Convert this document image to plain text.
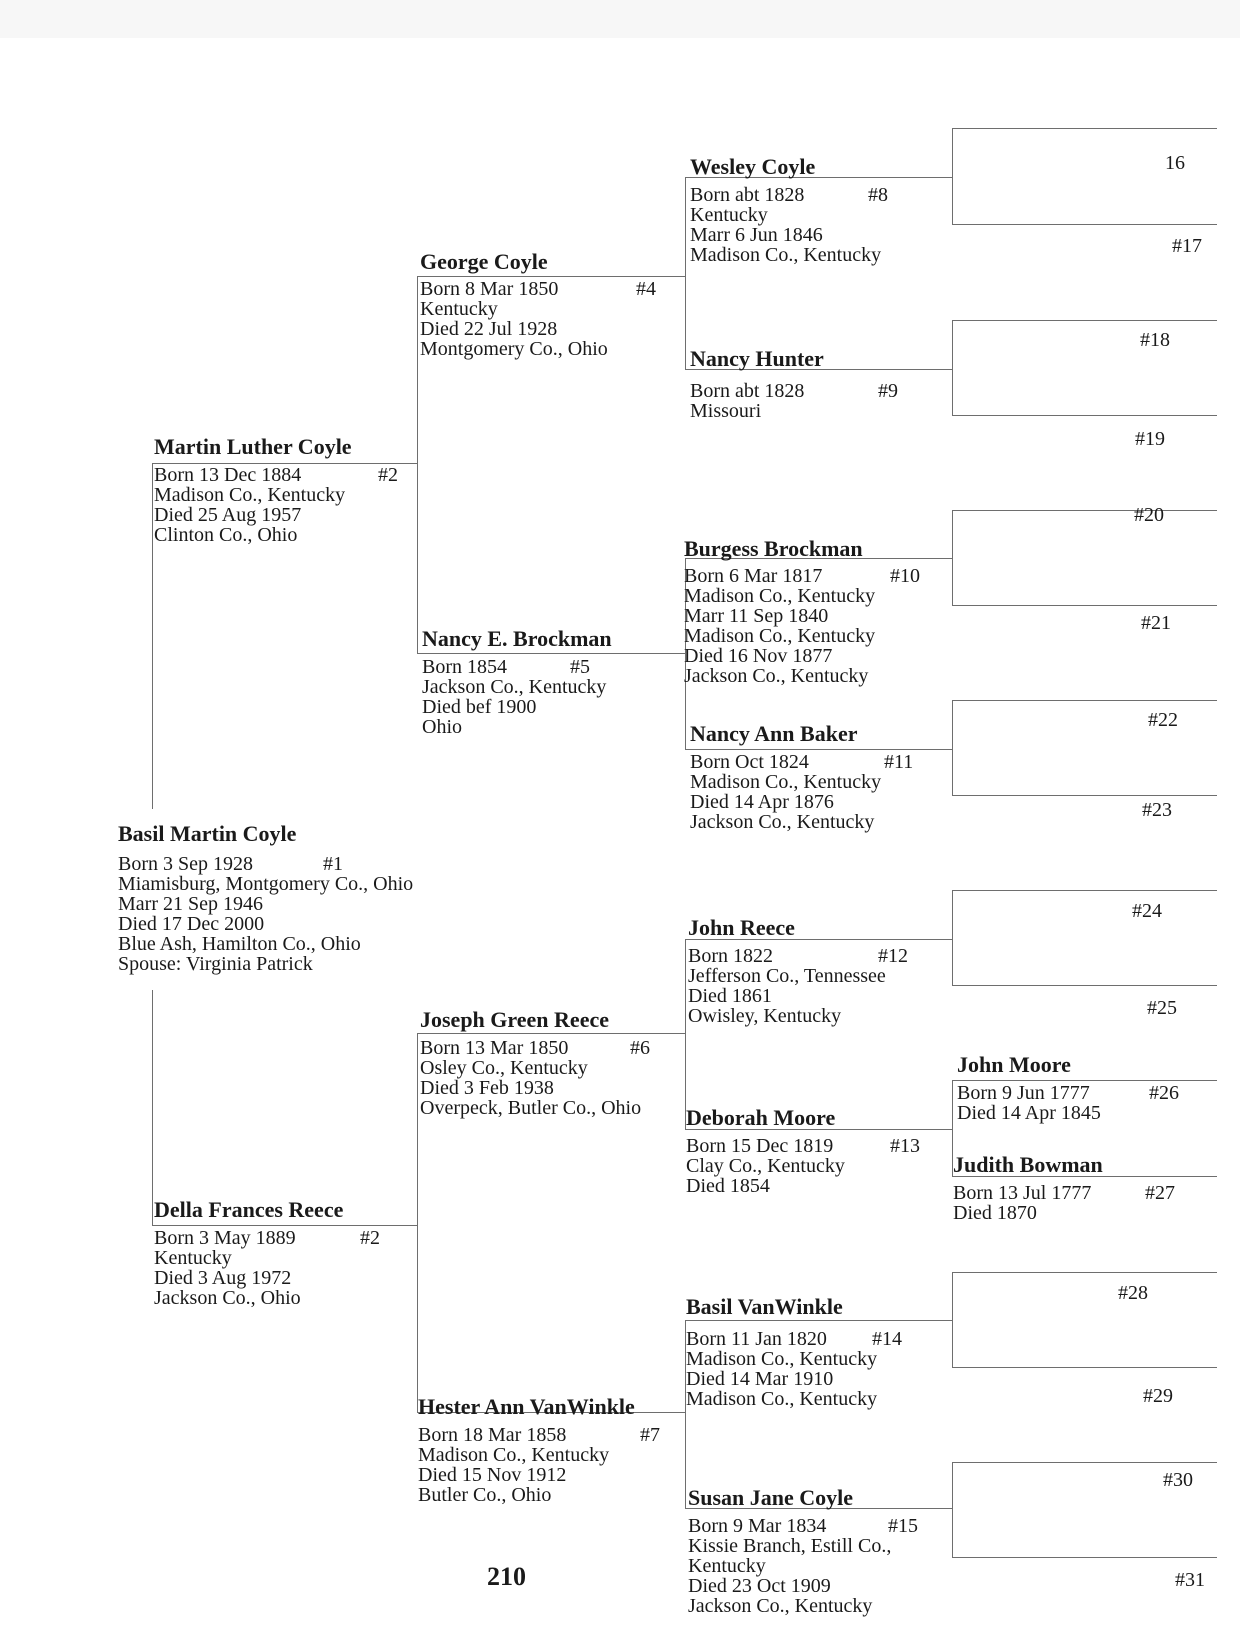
Basil Martin Coyle
Born 3 Sep 1928
Miamisburg, Montgomery Co., Ohio
Marr 21 Sep 1946
Died 17 Dec 2000
Blue Ash, Hamilton Co., Ohio
Spouse: Virginia Patrick
#1
Martin Luther Coyle
Born 13 Dec 1884
Madison Co., Kentucky
Died 25 Aug 1957
Clinton Co., Ohio
#2
Della Frances Reece
Born 3 May 1889
Kentucky
Died 3 Aug 1972
Jackson Co., Ohio
#2
George Coyle
Born 8 Mar 1850
Kentucky
Died 22 Jul 1928
Montgomery Co., Ohio
#4
Nancy E. Brockman
Born 1854
Jackson Co., Kentucky
Died bef 1900
Ohio
#5
Joseph Green Reece
Born 13 Mar 1850
Osley Co., Kentucky
Died 3 Feb 1938
Overpeck, Butler Co., Ohio
#6
Hester Ann VanWinkle
Born 18 Mar 1858
Madison Co., Kentucky
Died 15 Nov 1912
Butler Co., Ohio
#7
Wesley Coyle
Born abt 1828
Kentucky
Marr 6 Jun 1846
Madison Co., Kentucky
#8
Nancy Hunter
Born abt 1828
Missouri
#9
Burgess Brockman
Born 6 Mar 1817
Madison Co., Kentucky
Marr 11 Sep 1840
Madison Co., Kentucky
Died 16 Nov 1877
Jackson Co., Kentucky
#10
Nancy Ann Baker
Born Oct 1824
Madison Co., Kentucky
Died 14 Apr 1876
Jackson Co., Kentucky
#11
John Reece
Born 1822
Jefferson Co., Tennessee
Died 1861
Owisley, Kentucky
#12
Deborah Moore
Born 15 Dec 1819
Clay Co., Kentucky
Died 1854
#13
Basil VanWinkle
Born 11 Jan 1820
Madison Co., Kentucky
Died 14 Mar 1910
Madison Co., Kentucky
#14
Susan Jane Coyle
Born 9 Mar 1834
Kissie Branch, Estill Co.,
Kentucky
Died 23 Oct 1909
Jackson Co., Kentucky
#15
John Moore
Born 9 Jun 1777
Died 14 Apr 1845
#26
Judith Bowman
Born 13 Jul 1777
Died 1870
#27
16
#17
#18
#19
#20
#21
#22
#23
#24
#25
#28
#29
#30
#31
210
